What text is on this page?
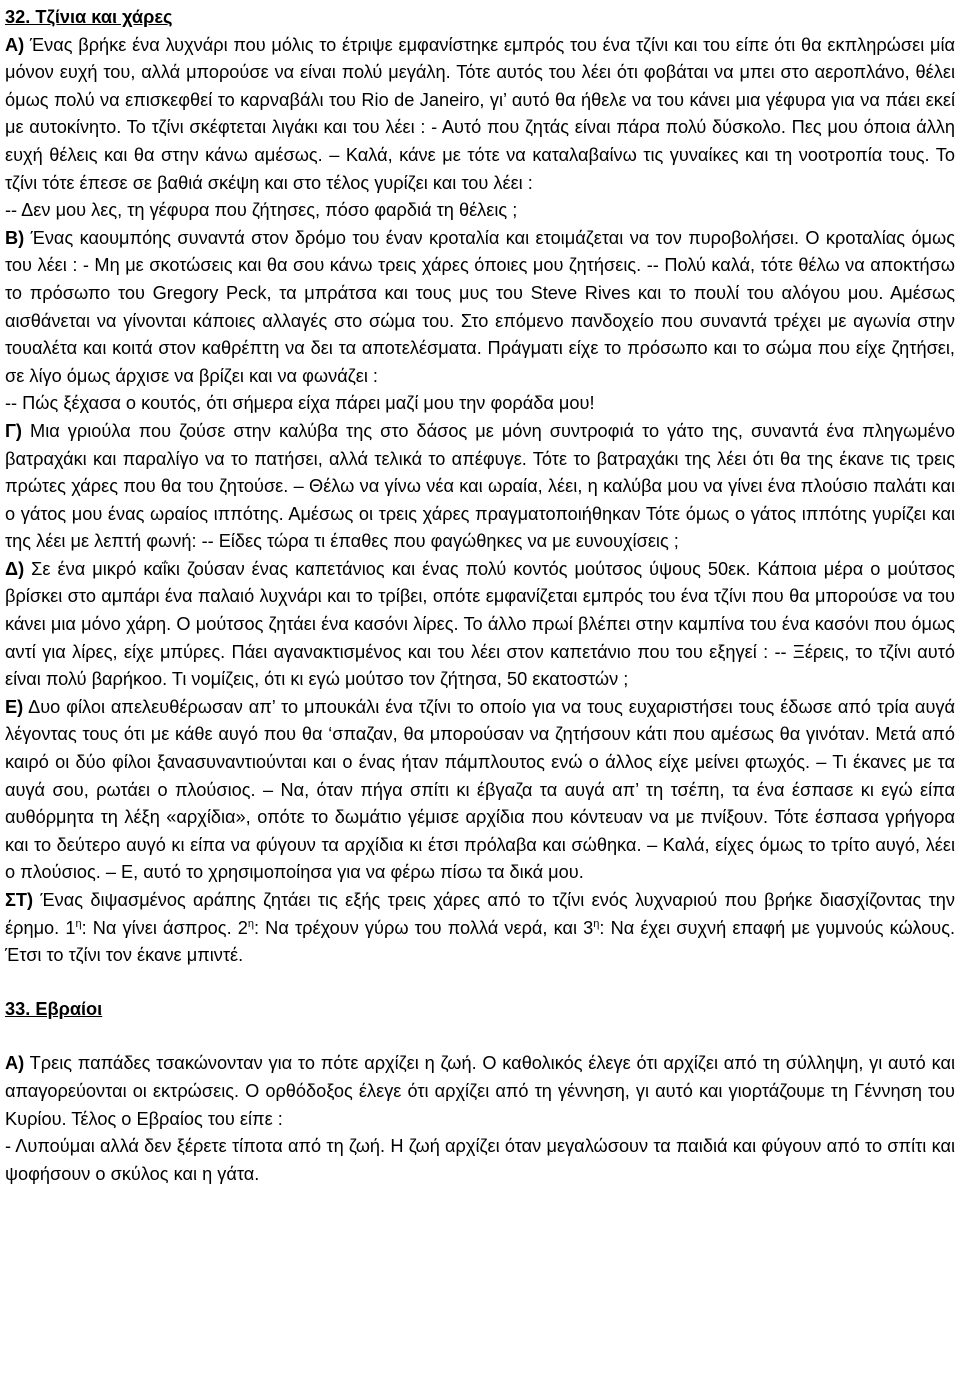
32. Τζίνια και χάρες

Α) Ένας βρήκε ένα λυχνάρι που μόλις το έτριψε εμφανίστηκε εμπρός του ένα τζίνι και του είπε ότι θα εκπληρώσει μία μόνον ευχή του, αλλά μπορούσε να είναι πολύ μεγάλη. Τότε αυτός του λέει ότι φοβάται να μπει στο αεροπλάνο, θέλει όμως πολύ να επισκεφθεί το καρναβάλι του Rio de Janeiro, γι’ αυτό θα ήθελε να του κάνει μια γέφυρα για να πάει εκεί με αυτοκίνητο. Το τζίνι σκέφτεται λιγάκι και του λέει : - Αυτό που ζητάς είναι πάρα πολύ δύσκολο. Πες μου όποια άλλη ευχή θέλεις και θα στην κάνω αμέσως. – Καλά, κάνε με τότε να καταλαβαίνω τις γυναίκες και τη νοοτροπία τους. Το τζίνι τότε έπεσε σε βαθιά σκέψη και στο τέλος γυρίζει και του λέει :

-- Δεν μου λες, τη γέφυρα που ζήτησες, πόσο φαρδιά τη θέλεις ;

Β) Ένας καουμπόης συναντά στον δρόμο του έναν κροταλία και ετοιμάζεται να τον πυροβολήσει. Ο κροταλίας όμως του λέει : - Μη με σκοτώσεις και θα σου κάνω τρεις χάρες όποιες μου ζητήσεις. -- Πολύ καλά, τότε θέλω να αποκτήσω το πρόσωπο του Gregory Peck, τα μπράτσα και τους μυς του Steve Rives και το πουλί του αλόγου μου. Αμέσως αισθάνεται να γίνονται κάποιες αλλαγές στο σώμα του. Στο επόμενο πανδοχείο που συναντά τρέχει με αγωνία στην τουαλέτα και κοιτά στον καθρέπτη να δει τα αποτελέσματα. Πράγματι είχε το πρόσωπο και το σώμα που είχε ζητήσει, σε λίγο όμως άρχισε να βρίζει και να φωνάζει :

-- Πώς ξέχασα ο κουτός, ότι σήμερα είχα πάρει μαζί μου την φοράδα μου!

Γ) Μια γριούλα που ζούσε στην καλύβα της στο δάσος με μόνη συντροφιά το γάτο της, συναντά ένα πληγωμένο βατραχάκι και παραλίγο να το πατήσει, αλλά τελικά το απέφυγε. Τότε το βατραχάκι της λέει ότι θα της έκανε τις τρεις πρώτες χάρες που θα του ζητούσε. – Θέλω να γίνω νέα και ωραία, λέει, η καλύβα μου να γίνει ένα πλούσιο παλάτι και ο γάτος μου ένας ωραίος ιππότης. Αμέσως οι τρεις χάρες πραγματοποιήθηκαν Τότε όμως ο γάτος ιππότης γυρίζει και της λέει με λεπτή φωνή: -- Είδες τώρα τι έπαθες που φαγώθηκες να με ευνουχίσεις ;

Δ) Σε ένα μικρό καΐκι ζούσαν ένας καπετάνιος και ένας πολύ κοντός μούτσος ύψους 50εκ. Κάποια μέρα ο μούτσος βρίσκει στο αμπάρι ένα παλαιό λυχνάρι και το τρίβει, οπότε εμφανίζεται εμπρός του ένα τζίνι που θα μπορούσε να του κάνει μια μόνο χάρη. Ο μούτσος ζητάει ένα κασόνι λίρες. Το άλλο πρωί βλέπει στην καμπίνα του ένα κασόνι που όμως αντί για λίρες, είχε μπύρες. Πάει αγανακτισμένος και του λέει στον καπετάνιο που του εξηγεί : -- Ξέρεις, το τζίνι αυτό είναι πολύ βαρήκοο. Τι νομίζεις, ότι κι εγώ μούτσο τον ζήτησα, 50 εκατοστών ;

Ε) Δυο φίλοι απελευθέρωσαν απ’ το μπουκάλι ένα τζίνι το οποίο για να τους ευχαριστήσει τους έδωσε από τρία αυγά λέγοντας τους ότι με κάθε αυγό που θα ‘σπαζαν, θα μπορούσαν να ζητήσουν κάτι που αμέσως θα γινόταν. Μετά από καιρό οι δύο φίλοι ξανασυναντιούνται και ο ένας ήταν πάμπλουτος ενώ ο άλλος είχε μείνει φτωχός. – Τι έκανες με τα αυγά σου, ρωτάει ο πλούσιος. – Να, όταν πήγα σπίτι κι έβγαζα τα αυγά απ’ τη τσέπη, τα ένα έσπασε κι εγώ είπα αυθόρμητα τη λέξη «αρχίδια», οπότε το δωμάτιο γέμισε αρχίδια που κόντευαν να με πνίξουν. Τότε έσπασα γρήγορα και το δεύτερο αυγό κι είπα να φύγουν τα αρχίδια κι έτσι πρόλαβα και σώθηκα. – Καλά, είχες όμως το τρίτο αυγό, λέει ο πλούσιος. – Ε, αυτό το χρησιμοποίησα για να φέρω πίσω τα δικά μου.

ΣΤ) Ένας διψασμένος αράπης ζητάει τις εξής τρεις χάρες από το τζίνι ενός λυχναριού που βρήκε διασχίζοντας την έρημο. $1^\eta$: Να γίνει άσπρος. $2^\eta$: Να τρέχουν γύρω του πολλά νερά, και $3^\eta$: Να έχει συχνή επαφή με γυμνούς κώλους. Έτσι το τζίνι τον έκανε μπιντέ.

33. Εβραίοι

Α) Τρεις παπάδες τσακώνονταν για το πότε αρχίζει η ζωή. Ο καθολικός έλεγε ότι αρχίζει από τη σύλληψη, γι αυτό και απαγορεύονται οι εκτρώσεις. Ο ορθόδοξος έλεγε ότι αρχίζει από τη γέννηση, γι αυτό και γιορτάζουμε τη Γέννηση του Κυρίου. Τέλος ο Εβραίος του είπε :

- Λυπούμαι αλλά δεν ξέρετε τίποτα από τη ζωή. Η ζωή αρχίζει όταν μεγαλώσουν τα παιδιά και φύγουν από το σπίτι και ψοφήσουν ο σκύλος και η γάτα.
